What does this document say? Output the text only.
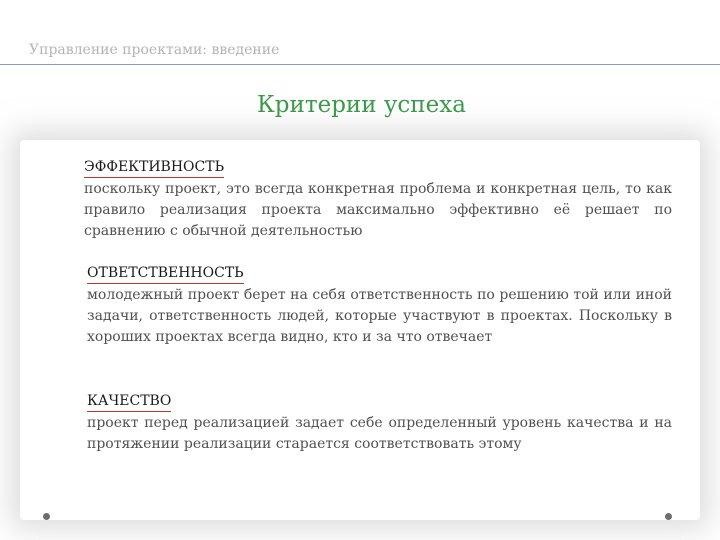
Управление проектами: введение
Критерии успеха
ЭФФЕКТИВНОСТЬ
поскольку проект, это всегда конкретная проблема и конкретная цель, то как правило реализация проекта максимально эффективно её решает по сравнению с обычной деятельностью
ОТВЕТСТВЕННОСТЬ
молодежный проект берет на себя ответственность по решению той или иной задачи, ответственность людей, которые участвуют в проектах. Поскольку в хороших проектах всегда видно, кто и за что отвечает
КАЧЕСТВО
проект перед реализацией задает себе определенный уровень качества и на протяжении реализации старается соответствовать этому
